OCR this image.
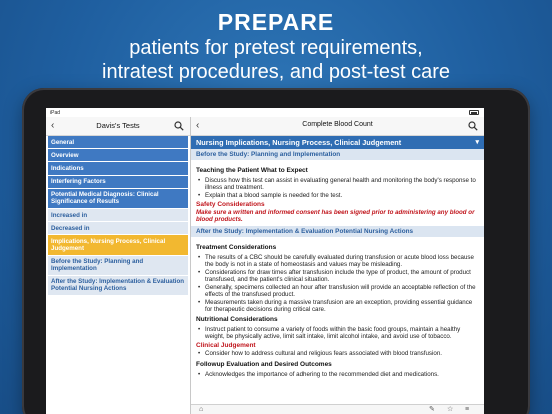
PREPARE
patients for pretest requirements,
intratest procedures, and post-test care
iPad
‹	Davis's Tests
General
Overview
Indications
Interfering Factors
Potential Medical Diagnosis: Clinical Significance of Results
Increased in
Decreased in
Implications, Nursing Process, Clinical Judgement
Before the Study: Planning and Implementation
After the Study: Implementation & Evaluation Potential Nursing Actions
‹	Complete Blood Count
Nursing Implications, Nursing Process, Clinical Judgement	▾
Before the Study: Planning and Implementation
Teaching the Patient What to Expect
• Discuss how this test can assist in evaluating general health and monitoring the body's response to illness and treatment.
• Explain that a blood sample is needed for the test.
Safety Considerations
Make sure a written and informed consent has been signed prior to administering any blood or blood products.
After the Study: Implementation & Evaluation Potential Nursing Actions
Treatment Considerations
• The results of a CBC should be carefully evaluated during transfusion or acute blood loss because the body is not in a state of homeostasis and values may be misleading.
• Considerations for draw times after transfusion include the type of product, the amount of product transfused, and the patient's clinical situation.
• Generally, specimens collected an hour after transfusion will provide an acceptable reflection of the effects of the transfused product.
• Measurements taken during a massive transfusion are an exception, providing essential guidance for therapeutic decisions during critical care.
Nutritional Considerations
• Instruct patient to consume a variety of foods within the basic food groups, maintain a healthy weight, be physically active, limit salt intake, limit alcohol intake, and avoid use of tobacco.
Clinical Judgement
• Consider how to address cultural and religious fears associated with blood transfusion.
Followup Evaluation and Desired Outcomes
• Acknowledges the importance of adhering to the recommended diet and medications.
⌂	✎ ☆ ≡
